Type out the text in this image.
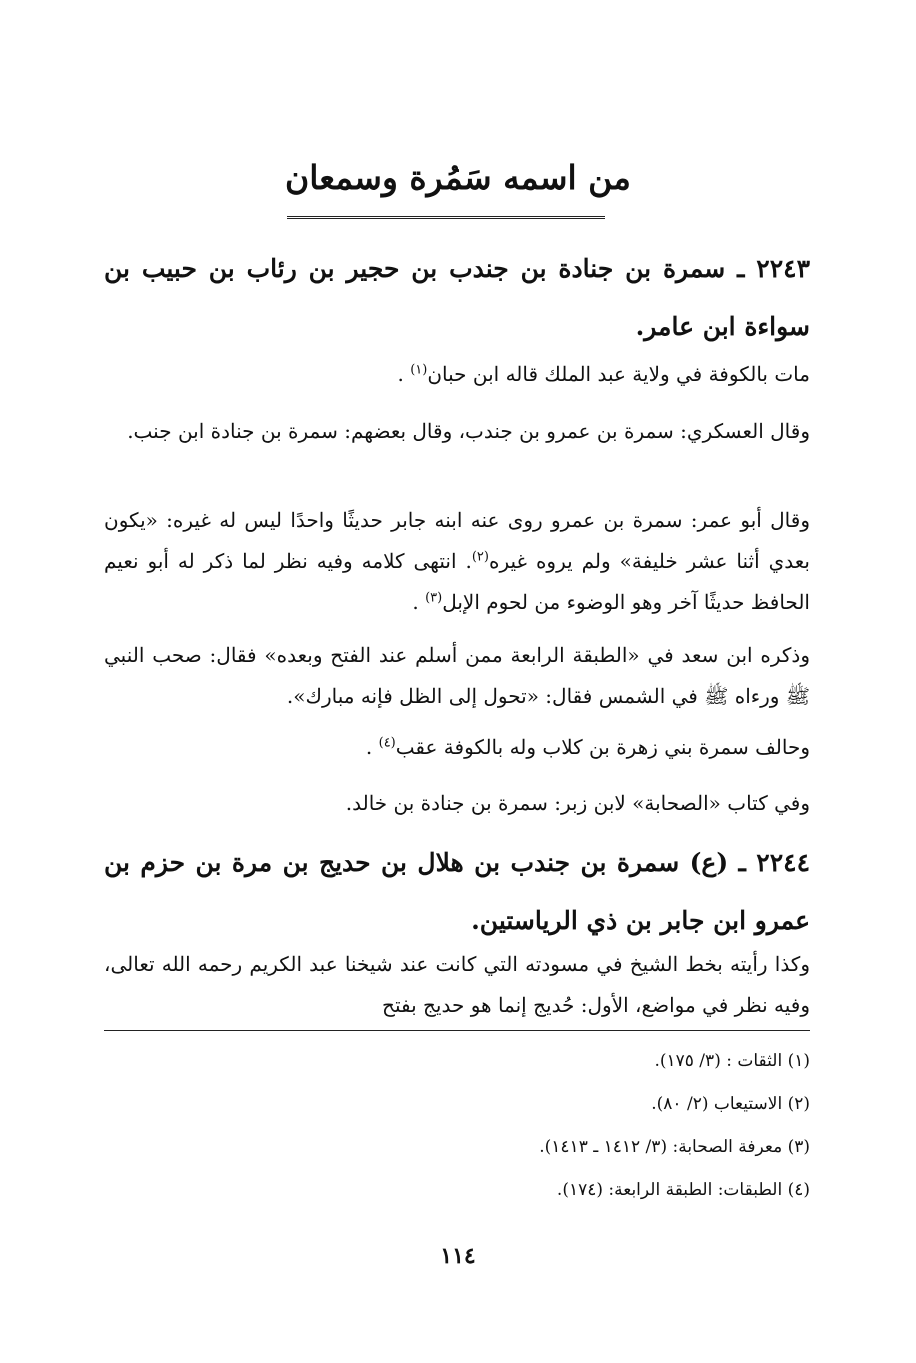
من اسمه سَمُرة وسمعان
٢٢٤٣ ـ سمرة بن جنادة بن جندب بن حجير بن رئاب بن حبيب بن سواءة ابن عامر.
مات بالكوفة في ولاية عبد الملك قاله ابن حبان$^{(١)}$ .
وقال العسكري: سمرة بن عمرو بن جندب، وقال بعضهم: سمرة بن جنادة ابن جنب.
وقال أبو عمر: سمرة بن عمرو روى عنه ابنه جابر حديثًا واحدًا ليس له غيره: «يكون بعدي أثنا عشر خليفة» ولم يروه غيره$^{(٢)}$. انتهى كلامه وفيه نظر لما ذكر له أبو نعيم الحافظ حديثًا آخر وهو الوضوء من لحوم الإبل$^{(٣)}$ .
وذكره ابن سعد في «الطبقة الرابعة ممن أسلم عند الفتح وبعده» فقال: صحب النبي ﷺ ورءاه ﷺ في الشمس فقال: «تحول إلى الظل فإنه مبارك».
وحالف سمرة بني زهرة بن كلاب وله بالكوفة عقب$^{(٤)}$ .
وفي كتاب «الصحابة» لابن زبر: سمرة بن جنادة بن خالد.
٢٢٤٤ ـ (ع) سمرة بن جندب بن هلال بن حديج بن مرة بن حزم بن عمرو ابن جابر بن ذي الرياستين.
وكذا رأيته بخط الشيخ في مسودته التي كانت عند شيخنا عبد الكريم رحمه الله تعالى، وفيه نظر في مواضع، الأول: حُديج إنما هو حديج بفتح
(١) الثقات : (٣/ ١٧٥).
(٢) الاستيعاب (٢/ ٨٠).
(٣) معرفة الصحابة: (٣/ ١٤١٢ ـ ١٤١٣).
(٤) الطبقات: الطبقة الرابعة: (١٧٤).
١١٤
